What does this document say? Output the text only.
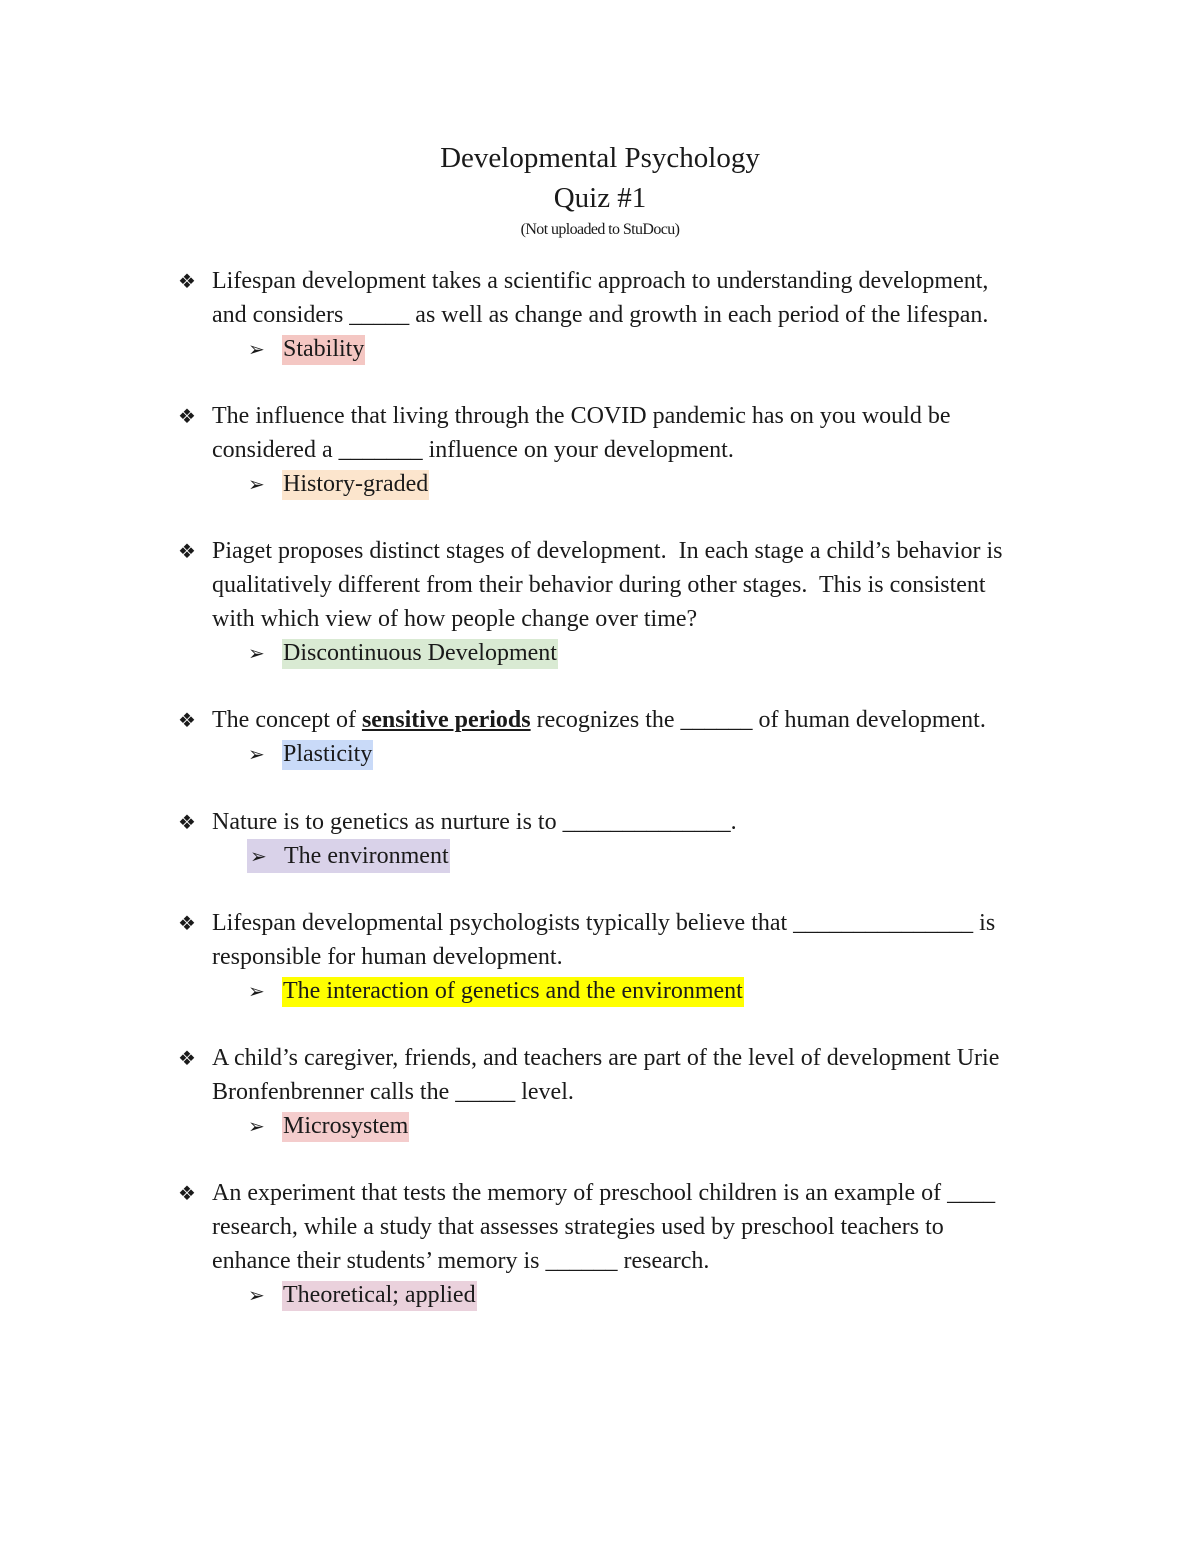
Developmental Psychology
Quiz #1
(Not uploaded to StuDocu)
❖ Lifespan development takes a scientific approach to understanding development,
and considers _____ as well as change and growth in each period of the lifespan.
➢ Stability
❖ The influence that living through the COVID pandemic has on you would be
considered a _______ influence on your development.
➢ History-graded
❖ Piaget proposes distinct stages of development.  In each stage a child’s behavior is
qualitatively different from their behavior during other stages.  This is consistent
with which view of how people change over time?
➢ Discontinuous Development
❖ The concept of sensitive periods recognizes the ______ of human development.
➢ Plasticity
❖ Nature is to genetics as nurture is to ______________.
➢ The environment
❖ Lifespan developmental psychologists typically believe that _______________ is
responsible for human development.
➢ The interaction of genetics and the environment
❖ A child’s caregiver, friends, and teachers are part of the level of development Urie
Bronfenbrenner calls the _____ level.
➢ Microsystem
❖ An experiment that tests the memory of preschool children is an example of ____
research, while a study that assesses strategies used by preschool teachers to
enhance their students’ memory is ______ research.
➢ Theoretical; applied
